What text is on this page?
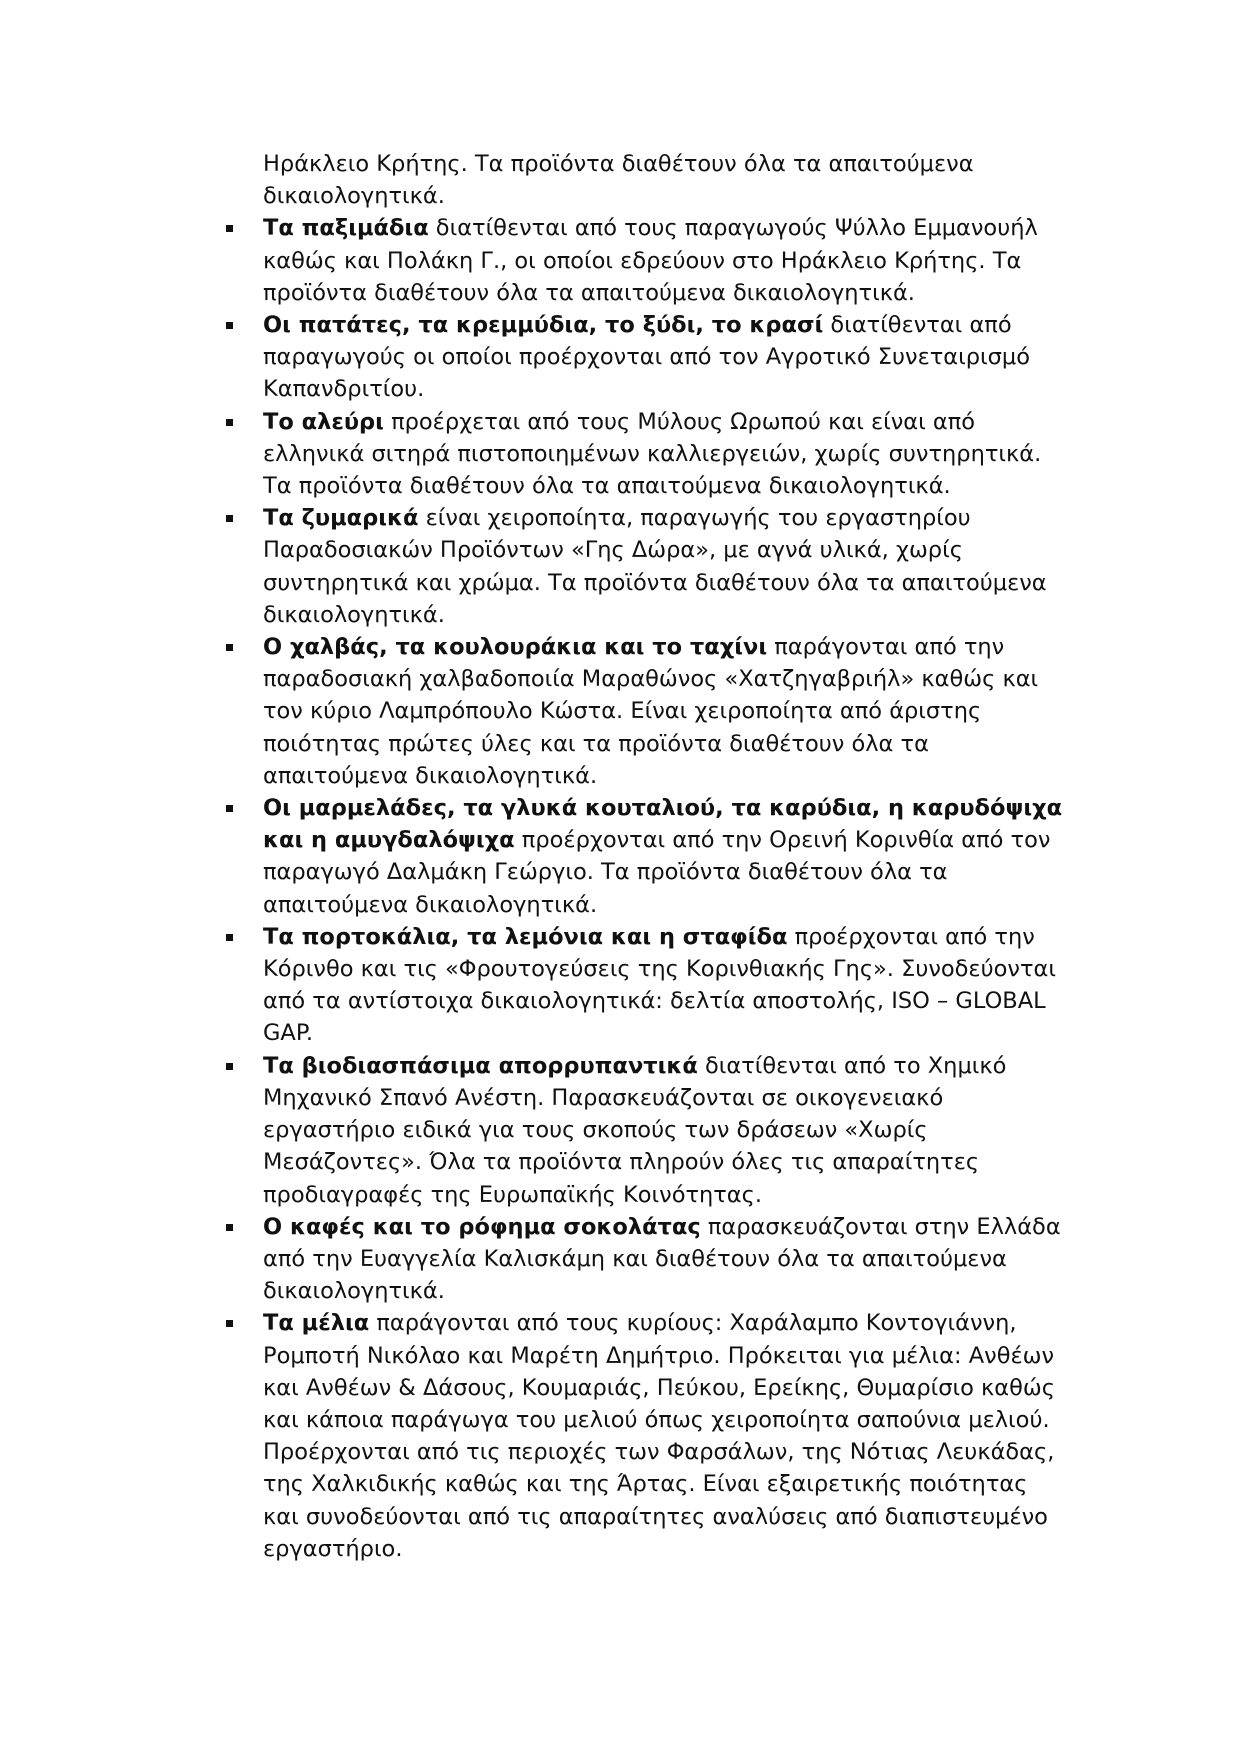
Ηράκλειο Κρήτης. Τα προϊόντα διαθέτουν όλα τα απαιτούμενα δικαιολογητικά.

Τα παξιμάδια διατίθενται από τους παραγωγούς Ψύλλο Εμμανουήλ καθώς και Πολάκη Γ., οι οποίοι εδρεύουν στο Ηράκλειο Κρήτης. Τα προϊόντα διαθέτουν όλα τα απαιτούμενα δικαιολογητικά.
Οι πατάτες, τα κρεμμύδια, το ξύδι, το κρασί διατίθενται από παραγωγούς οι οποίοι προέρχονται από τον Αγροτικό Συνεταιρισμό Καπανδριτίου.
Το αλεύρι προέρχεται από τους Μύλους Ωρωπού και είναι από ελληνικά σιτηρά πιστοποιημένων καλλιεργειών, χωρίς συντηρητικά. Τα προϊόντα διαθέτουν όλα τα απαιτούμενα δικαιολογητικά.
Τα ζυμαρικά είναι χειροποίητα, παραγωγής του εργαστηρίου Παραδοσιακών Προϊόντων «Γης Δώρα», με αγνά υλικά, χωρίς συντηρητικά και χρώμα. Τα προϊόντα διαθέτουν όλα τα απαιτούμενα δικαιολογητικά.
Ο χαλβάς, τα κουλουράκια και το ταχίνι παράγονται από την παραδοσιακή χαλβαδοποιία Μαραθώνος «Χατζηγαβριήλ» καθώς και τον κύριο Λαμπρόπουλο Κώστα. Είναι χειροποίητα από άριστης ποιότητας πρώτες ύλες και τα προϊόντα διαθέτουν όλα τα απαιτούμενα δικαιολογητικά.
Οι μαρμελάδες, τα γλυκά κουταλιού, τα καρύδια, η καρυδόψιχα και η αμυγδαλόψιχα προέρχονται από την Ορεινή Κορινθία από τον παραγωγό Δαλμάκη Γεώργιο. Τα προϊόντα διαθέτουν όλα τα απαιτούμενα δικαιολογητικά.
Τα πορτοκάλια, τα λεμόνια και η σταφίδα προέρχονται από την Κόρινθο και τις «Φρουτογεύσεις της Κορινθιακής Γης». Συνοδεύονται από τα αντίστοιχα δικαιολογητικά: δελτία αποστολής, ISO – GLOBAL GAP.
Τα βιοδιασπάσιμα απορρυπαντικά διατίθενται από το Χημικό Μηχανικό Σπανό Ανέστη. Παρασκευάζονται σε οικογενειακό εργαστήριο ειδικά για τους σκοπούς των δράσεων «Χωρίς Μεσάζοντες». Όλα τα προϊόντα πληρούν όλες τις απαραίτητες προδιαγραφές της Ευρωπαϊκής Κοινότητας.
Ο καφές και το ρόφημα σοκολάτας παρασκευάζονται στην Ελλάδα από την Ευαγγελία Καλισκάμη και διαθέτουν όλα τα απαιτούμενα δικαιολογητικά.
Τα μέλια παράγονται από τους κυρίους: Χαράλαμπο Κοντογιάννη, Ρομποτή Νικόλαο και Μαρέτη Δημήτριο. Πρόκειται για μέλια: Ανθέων και Ανθέων & Δάσους, Κουμαριάς, Πεύκου, Ερείκης, Θυμαρίσιο καθώς και κάποια παράγωγα του μελιού όπως χειροποίητα σαπούνια μελιού. Προέρχονται από τις περιοχές των Φαρσάλων, της Νότιας Λευκάδας, της Χαλκιδικής καθώς και της Άρτας. Είναι εξαιρετικής ποιότητας και συνοδεύονται από τις απαραίτητες αναλύσεις από διαπιστευμένο εργαστήριο.
